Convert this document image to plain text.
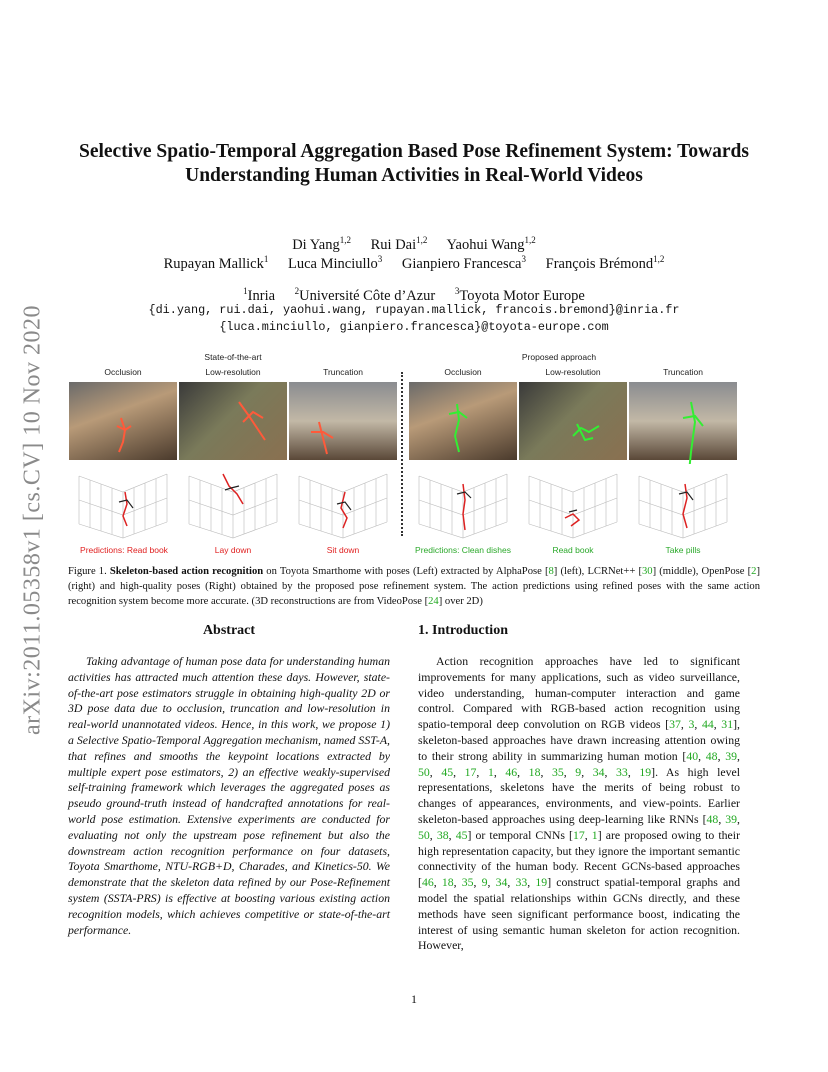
arXiv:2011.05358v1 [cs.CV] 10 Nov 2020
Selective Spatio-Temporal Aggregation Based Pose Refinement System: Towards
Understanding Human Activities in Real-World Videos
Di Yang$^{1,2}$ Rui Dai$^{1,2}$ Yaohui Wang$^{1,2}$
Rupayan Mallick$^1$ Luca Minciullo$^3$ Gianpiero Francesca$^3$ François Brémond$^{1,2}$
$^1$Inria $^2$Université Côte d’Azur $^3$Toyota Motor Europe
{di.yang, rui.dai, yaohui.wang, rupayan.mallick, francois.bremond}@inria.fr
{luca.minciullo, gianpiero.francesca}@toyota-europe.com
State-of-the-art	Proposed approach
Occlusion	Low-resolution	Truncation	Occlusion	Low-resolution	Truncation
Predictions: Read book	Lay down	Sit down	Predictions: Clean dishes	Read book	Take pills
Figure 1. Skeleton-based action recognition on Toyota Smarthome with poses (Left) extracted by AlphaPose [8] (left), LCRNet++ [30] (middle), OpenPose [2] (right) and high-quality poses (Right) obtained by the proposed pose refinement system. The action predictions using refined poses with the same action recognition system become more accurate. (3D reconstructions are from VideoPose [24] over 2D)
Abstract	1. Introduction
Taking advantage of human pose data for understanding human activities has attracted much attention these days. However, state-of-the-art pose estimators struggle in obtaining high-quality 2D or 3D pose data due to occlusion, truncation and low-resolution in real-world unannotated videos. Hence, in this work, we propose 1) a Selective Spatio-Temporal Aggregation mechanism, named SST-A, that refines and smooths the keypoint locations extracted by multiple expert pose estimators, 2) an effective weakly-supervised self-training framework which leverages the aggregated poses as pseudo ground-truth instead of handcrafted annotations for real-world pose estimation. Extensive experiments are conducted for evaluating not only the upstream pose refinement but also the downstream action recognition performance on four datasets, Toyota Smarthome, NTU-RGB+D, Charades, and Kinetics-50. We demonstrate that the skeleton data refined by our Pose-Refinement system (SSTA-PRS) is effective at boosting various existing action recognition models, which achieves competitive or state-of-the-art performance.
Action recognition approaches have led to significant improvements for many applications, such as video surveillance, video understanding, human-computer interaction and game control. Compared with RGB-based action recognition using spatio-temporal deep convolution on RGB videos [37, 3, 44, 31], skeleton-based approaches have drawn increasing attention owing to their strong ability in summarizing human motion [40, 48, 39, 50, 45, 17, 1, 46, 18, 35, 9, 34, 33, 19]. As high level representations, skeletons have the merits of being robust to changes of appearances, environments, and view-points. Earlier skeleton-based approaches using deep-learning like RNNs [48, 39, 50, 38, 45] or temporal CNNs [17, 1] are proposed owing to their high representation capacity, but they ignore the important semantic connectivity of the human body. Recent GCNs-based approaches [46, 18, 35, 9, 34, 33, 19] construct spatial-temporal graphs and model the spatial relationships within GCNs directly, and these methods have seen significant performance boost, indicating the interest of using semantic human skeleton for action recognition. However,
1
